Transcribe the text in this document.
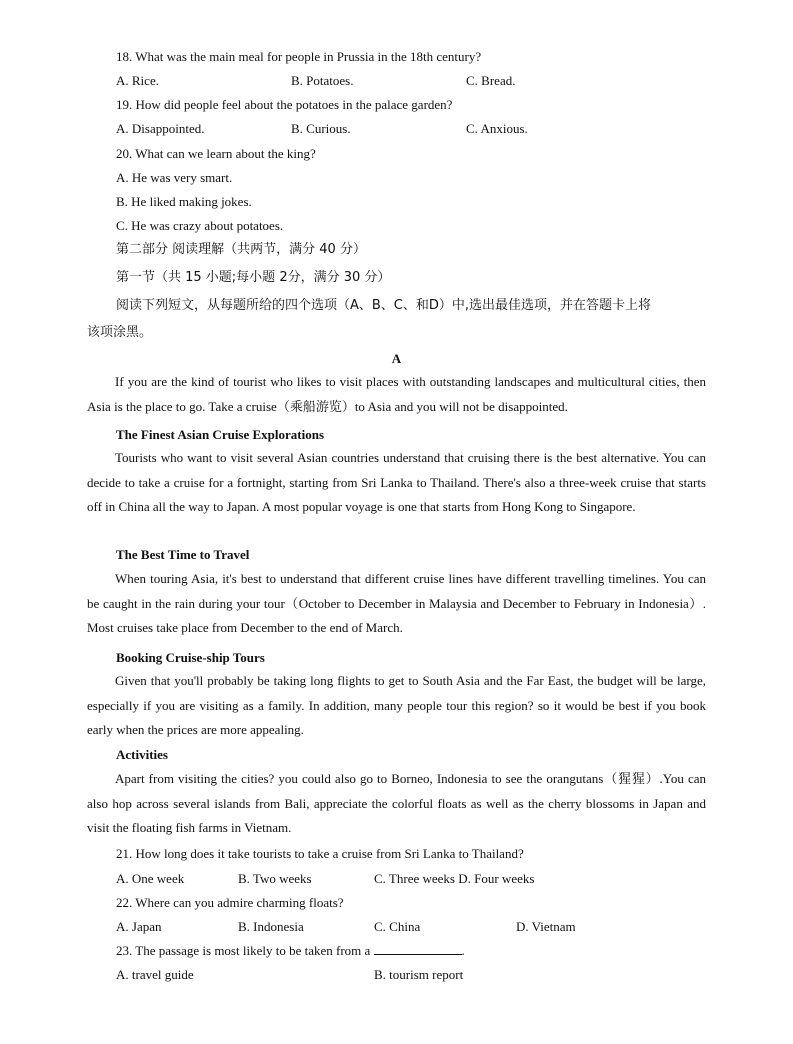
18. What was the main meal for people in Prussia in the 18th century?
A. Rice.	B. Potatoes.	C. Bread.
19. How did people feel about the potatoes in the palace garden?
A. Disappointed.	B. Curious.	C. Anxious.
20. What can we learn about the king?
A. He was very smart.
B. He liked making jokes.
C. He was crazy about potatoes.
第二部分 阅读理解（共两节，满分 40 分）
第一节（共 15 小题;每小题 2分，满分 30 分）
阅读下列短文，从每题所给的四个选项（A、B、C、和D）中,选出最佳选项，并在答题卡上将
该项涂黑。
A
If you are the kind of tourist who likes to visit places with outstanding landscapes and multicultural cities, then Asia is the place to go. Take a cruise（乘船游览）to Asia and you will not be disappointed.
The Finest Asian Cruise Explorations
Tourists who want to visit several Asian countries understand that cruising there is the best alternative. You can decide to take a cruise for a fortnight, starting from Sri Lanka to Thailand. There's also a three-week cruise that starts off in China all the way to Japan. A most popular voyage is one that starts from Hong Kong to Singapore.
The Best Time to Travel
When touring Asia, it's best to understand that different cruise lines have different travelling timelines. You can be caught in the rain during your tour（October to December in Malaysia and December to February in Indonesia）. Most cruises take place from December to the end of March.
Booking Cruise-ship Tours
Given that you'll probably be taking long flights to get to South Asia and the Far East, the budget will be large, especially if you are visiting as a family. In addition, many people tour this region? so it would be best if you book early when the prices are more appealing.
Activities
Apart from visiting the cities? you could also go to Borneo, Indonesia to see the orangutans（猩猩）.You can also hop across several islands from Bali, appreciate the colorful floats as well as the cherry blossoms in Japan and visit the floating fish farms in Vietnam.
21. How long does it take tourists to take a cruise from Sri Lanka to Thailand?
A. One week	B. Two weeks	C. Three weeks D. Four weeks
22. Where can you admire charming floats?
A. Japan	B. Indonesia	C. China	D. Vietnam
23. The passage is most likely to be taken from a	.
A. travel guide	B. tourism report
